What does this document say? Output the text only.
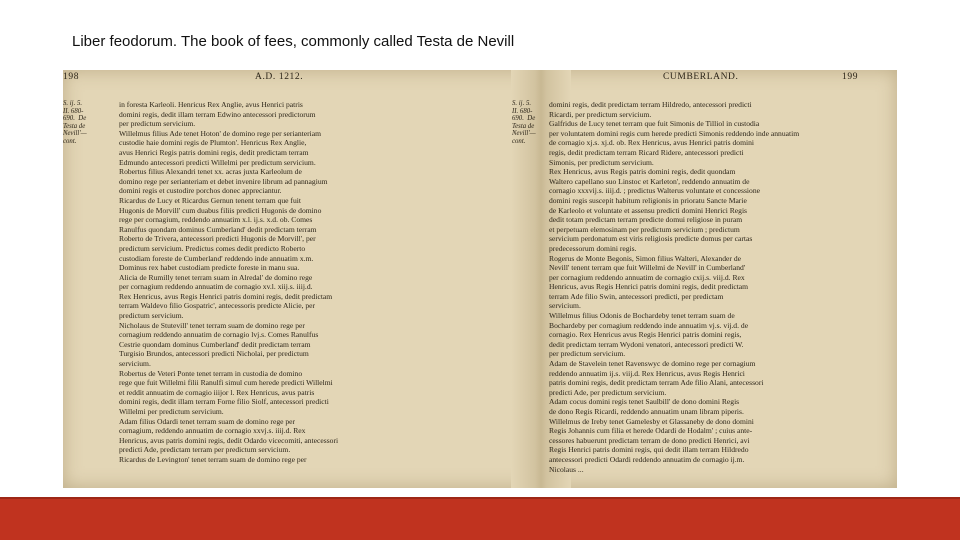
Liber feodorum. The book of fees, commonly called Testa de Nevill
198	A.D. 1212.
S. ij. 5.
II. 680-
690.  De
Testa de
Nevill'—
cont.
in foresta Karleoli. Henricus Rex Anglie, avus Henrici patris
domini regis, dedit illam terram Edwino antecessori predictorum
per predictum servicium.
Willelmus filius Ade tenet Hoton' de domino rege per serianteriam
custodie haie domini regis de Plumton'. Henricus Rex Anglie,
avus Henrici Regis patris domini regis, dedit predictam terram
Edmundo antecessori predicti Willelmi per predictum servicium.
Robertus filius Alexandri tenet xx. acras juxta Karleolum de
domino rege per serianteriam et debet invenire librum ad pannagium
domini regis et custodire porchos donec appreciantur.
Ricardus de Lucy et Ricardus Gernun tenent terram que fuit
Hugonis de Morvill' cum duabus filiis predicti Hugonis de domino
rege per cornagium, reddendo annuatim x.l. ij.s. x.d. ob. Comes
Ranulfus quondam dominus Cumberland' dedit predictam terram
Roberto de Trivera, antecessori predicti Hugonis de Morvill', per
predictum servicium. Predictus comes dedit predicto Roberto
custodiam foreste de Cumberland' reddendo inde annuatim x.m.
Dominus rex habet custodiam predicte foreste in manu sua.
Alicia de Rumilly tenet terram suam in Alredal' de domino rege
per cornagium reddendo annuatim de cornagio xv.l. xiij.s. iiij.d.
Rex Henricus, avus Regis Henrici patris domini regis, dedit predictam
terram Waldevo filio Gospatric', antecessoris predicte Alicie, per
predictum servicium.
Nicholaus de Stutevill' tenet terram suam de domino rege per
cornagium reddendo annuatim de cornagio lvj.s. Comes Ranulfus
Cestrie quondam dominus Cumberland' dedit predictam terram
Turgisio Brundos, antecessori predicti Nicholai, per predictum
servicium.
Robertus de Veteri Ponte tenet terram in custodia de domino
rege que fuit Willelmi filii Ranulfi simul cum herede predicti Willelmi
et reddit annuatim de cornagio iiijor l. Rex Henricus, avus patris
domini regis, dedit illam terram Forne filio Siolf, antecessori predicti
Willelmi per predictum servicium.
Adam filius Odardi tenet terram suam de domino rege per
cornagium, reddendo annuatim de cornagio xxvj.s. iiij.d. Rex
Henricus, avus patris domini regis, dedit Odardo vicecomiti, antecessori
predicti Ade, predictam terram per predictum servicium.
Ricardus de Levington' tenet terram suam de domino rege per
CUMBERLAND.	199
S. ij. 5.
II. 680-
690.  De
Testa de
Nevill'—
cont.
domini regis, dedit predictam terram Hildredo, antecessori predicti
Ricardi, per predictum servicium.
Galfridus de Lucy tenet terram que fuit Simonis de Tilliol in custodia
per voluntatem domini regis cum herede predicti Simonis reddendo inde annuatim
de cornagio xj.s. xj.d. ob. Rex Henricus, avus Henrici patris domini
regis, dedit predictam terram Ricard Ridere, antecessori predicti
Simonis, per predictum servicium.
Rex Henricus, avus Regis patris domini regis, dedit quondam
Waltero capellano suo Linstoc et Karleton', reddendo annuatim de
cornagio xxxvij.s. iiij.d. ; predictus Walterus voluntate et concessione
domini regis suscepit habitum religionis in prioratu Sancte Marie
de Karleolo et voluntate et assensu predicti domini Henrici Regis
dedit totam predictam terram predicte domui religiose in puram
et perpetuam elemosinam per predictum servicium ; predictum
servicium perdonatum est viris religiosis predicte domus per cartas
predecessorum domini regis.
Rogerus de Monte Begonis, Simon filius Walteri, Alexander de
Nevill' tenent terram que fuit Willelmi de Nevill' in Cumberland'
per cornagium reddendo annuatim de cornagio cxij.s. viij.d. Rex
Henricus, avus Regis Henrici patris domini regis, dedit predictam
terram Ade filio Swin, antecessori predicti, per predictam
servicium.
Willelmus filius Odonis de Bochardeby tenet terram suam de
Bochardeby per cornagium reddendo inde annuatim vj.s. vij.d. de
cornagio. Rex Henricus avus Regis Henrici patris domini regis,
dedit predictam terram Wydoni venatori, antecessori predicti W.
per predictum servicium.
Adam de Stavelein tenet Ravenswyc de domino rege per cornagium
reddendo annuatim ij.s. viij.d. Rex Henricus, avus Regis Henrici
patris domini regis, dedit predictam terram Ade filio Alani, antecessori
predicti Ade, per predictum servicium.
Adam cocus domini regis tenet Saulbill' de dono domini Regis
de dono Regis Ricardi, reddendo annuatim unam libram piperis.
Willelmus de Ireby tenet Gamelesby et Glassaneby de dono domini
Regis Johannis cum filia et herede Odardi de Hodalm' ; cuius ante-
cessores habuerunt predictam terram de dono predicti Henrici, avi
Regis Henrici patris domini regis, qui dedit illam terram Hildredo
antecessori predicti Odardi reddendo annuatim de cornagio ij.m.
Nicolaus ...
